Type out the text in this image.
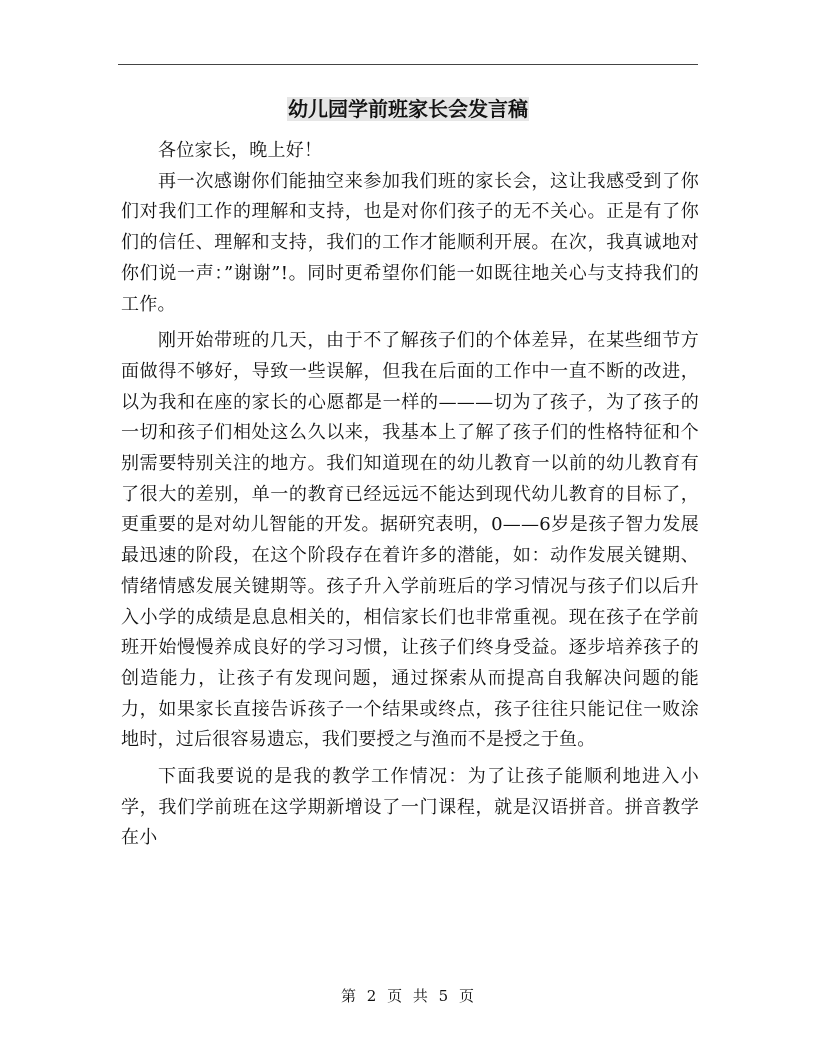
幼儿园学前班家长会发言稿

各位家长，晚上好！

再一次感谢你们能抽空来参加我们班的家长会，这让我感受到了你们对我们工作的理解和支持，也是对你们孩子的无不关心。正是有了你们的信任、理解和支持，我们的工作才能顺利开展。在次，我真诚地对你们说一声：”谢谢”!。同时更希望你们能一如既往地关心与支持我们的工作。

刚开始带班的几天，由于不了解孩子们的个体差异，在某些细节方面做得不够好，导致一些误解，但我在后面的工作中一直不断的改进，以为我和在座的家长的心愿都是一样的———切为了孩子，为了孩子的一切和孩子们相处这么久以来，我基本上了解了孩子们的性格特征和个别需要特别关注的地方。我们知道现在的幼儿教育一以前的幼儿教育有了很大的差别，单一的教育已经远远不能达到现代幼儿教育的目标了，更重要的是对幼儿智能的开发。据研究表明，0——6岁是孩子智力发展最迅速的阶段，在这个阶段存在着许多的潜能，如：动作发展关键期、情绪情感发展关键期等。孩子升入学前班后的学习情况与孩子们以后升入小学的成绩是息息相关的，相信家长们也非常重视。现在孩子在学前班开始慢慢养成良好的学习习惯，让孩子们终身受益。逐步培养孩子的创造能力，让孩子有发现问题，通过探索从而提高自我解决问题的能力，如果家长直接告诉孩子一个结果或终点，孩子往往只能记住一败涂地时，过后很容易遗忘，我们要授之与渔而不是授之于鱼。

下面我要说的是我的教学工作情况：为了让孩子能顺利地进入小学，我们学前班在这学期新增设了一门课程，就是汉语拼音。拼音教学在小

第 2 页 共 5 页
